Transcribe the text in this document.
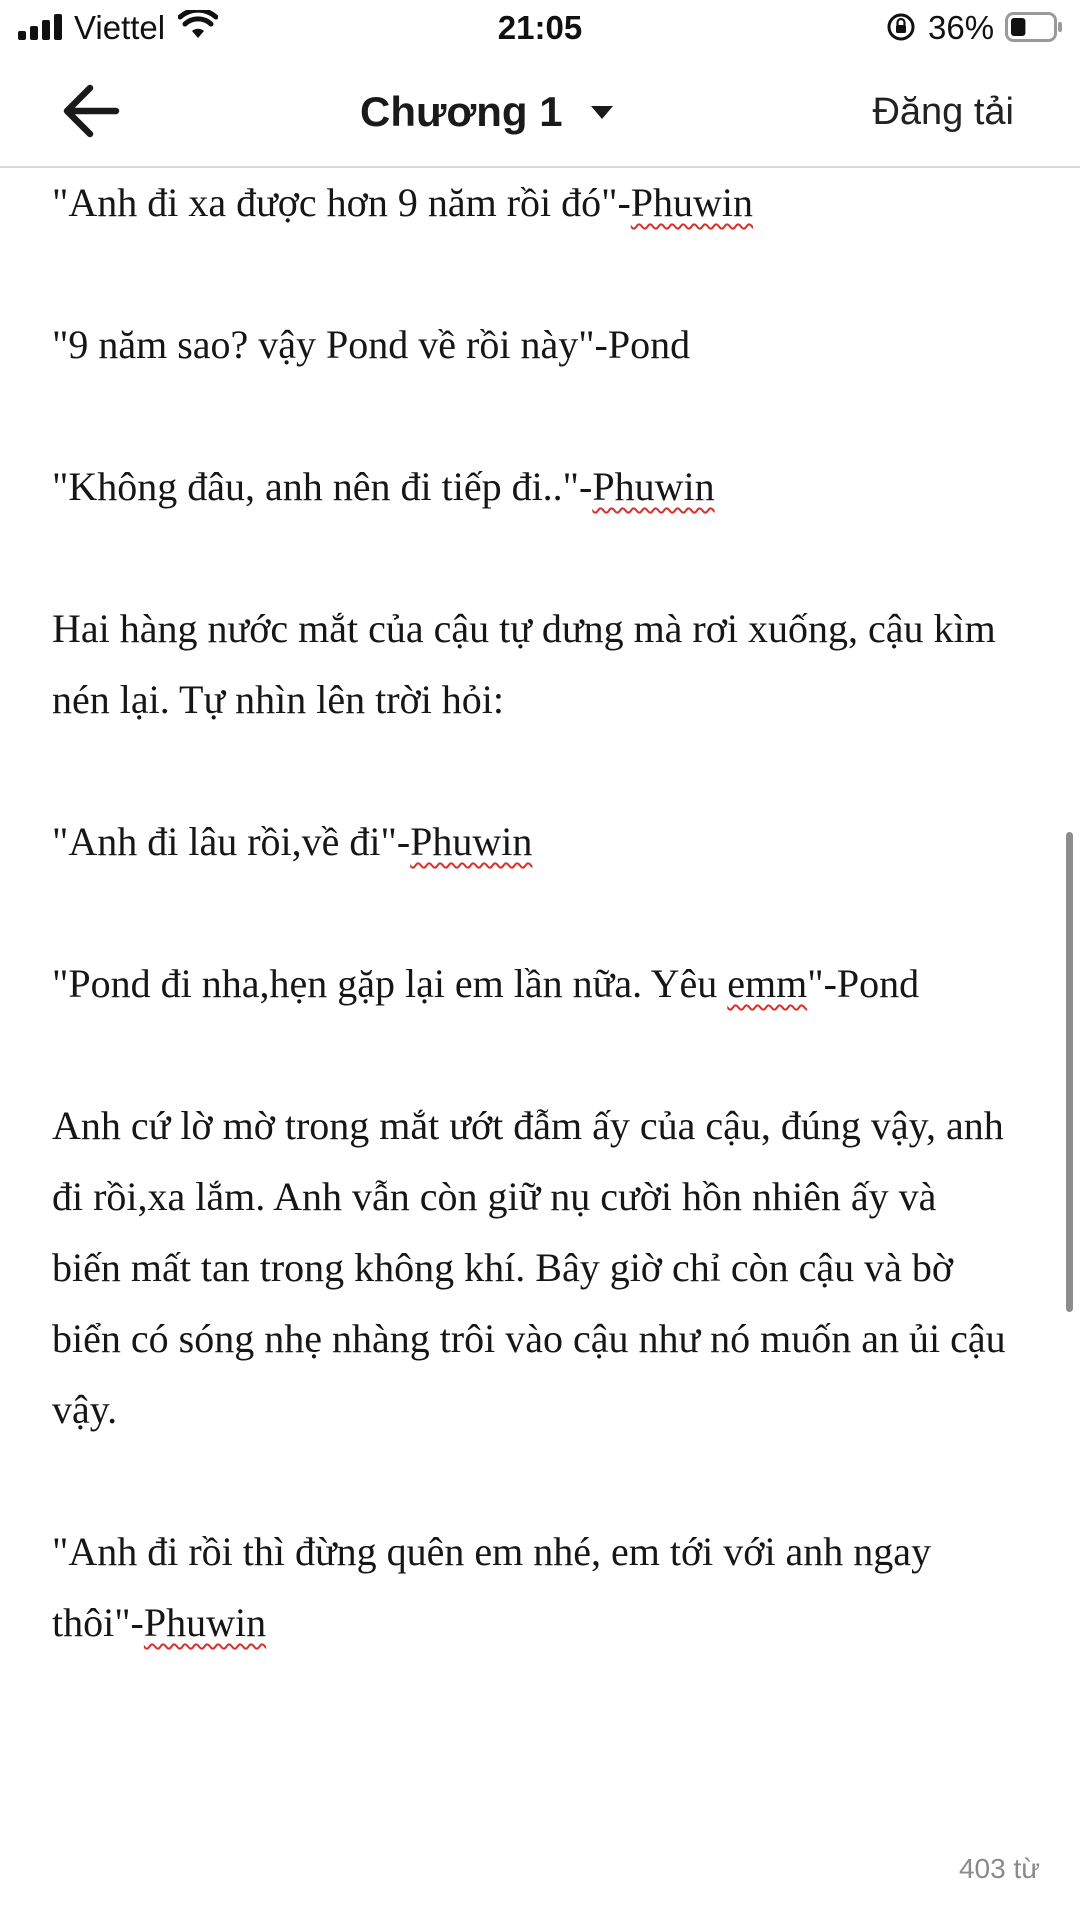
Viettel	21:05	36%
Chương 1	Đăng tải

"Anh đi xa được hơn 9 năm rồi đó"-Phuwin

"9 năm sao? vậy Pond về rồi này"-Pond

"Không đâu, anh nên đi tiếp đi.."-Phuwin

Hai hàng nước mắt của cậu tự dưng mà rơi xuống, cậu kìm nén lại. Tự nhìn lên trời hỏi:

"Anh đi lâu rồi,về đi"-Phuwin

"Pond đi nha,hẹn gặp lại em lần nữa. Yêu emm"-Pond

Anh cứ lờ mờ trong mắt ướt đẫm ấy của cậu, đúng vậy, anh đi rồi,xa lắm. Anh vẫn còn giữ nụ cười hồn nhiên ấy và biến mất tan trong không khí. Bây giờ chỉ còn cậu và bờ biển có sóng nhẹ nhàng trôi vào cậu như nó muốn an ủi cậu vậy.

"Anh đi rồi thì đừng quên em nhé, em tới với anh ngay thôi"-Phuwin

403 từ
